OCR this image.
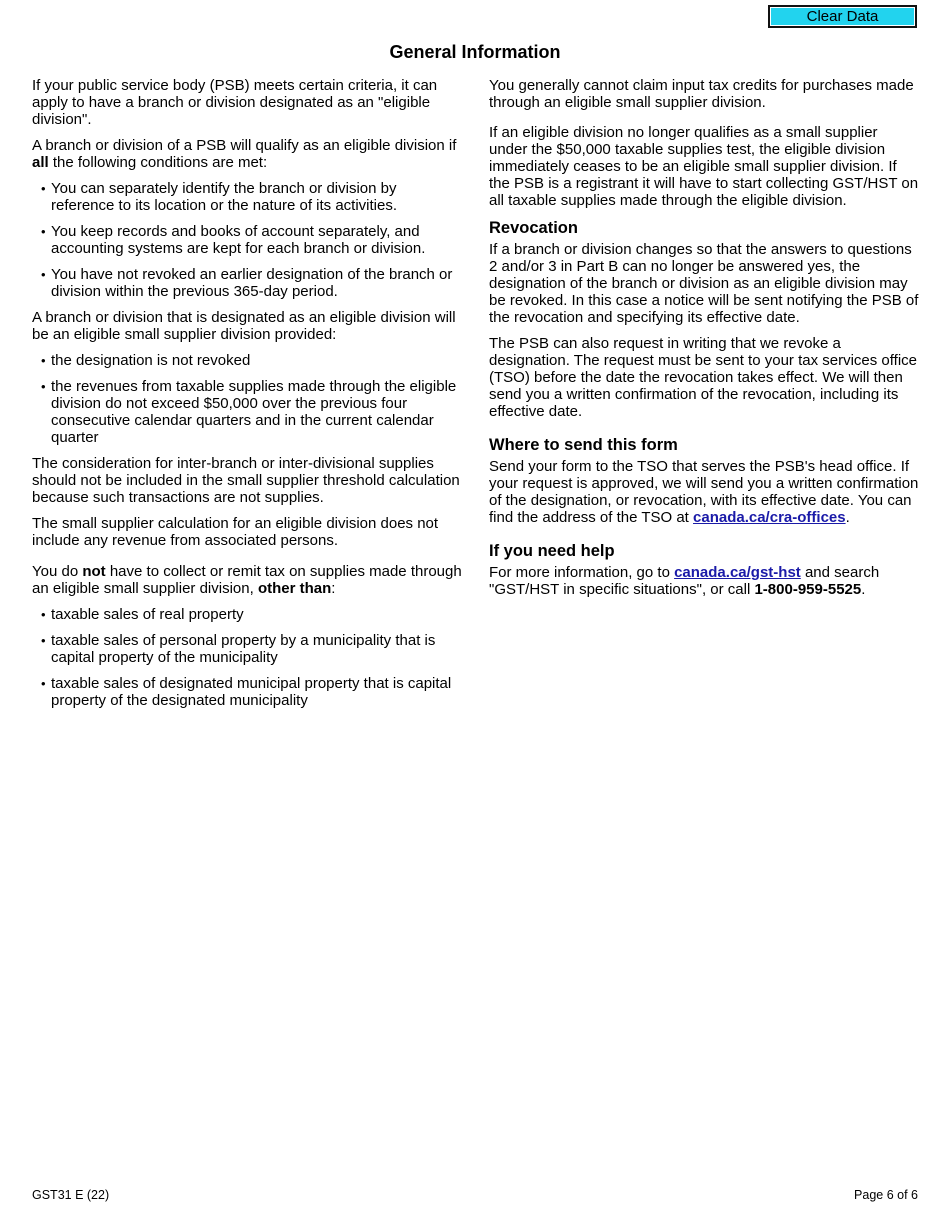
Clear Data
General Information

If your public service body (PSB) meets certain criteria, it can apply to have a branch or division designated as an "eligible division".

A branch or division of a PSB will qualify as an eligible division if all the following conditions are met:

• You can separately identify the branch or division by reference to its location or the nature of its activities.
• You keep records and books of account separately, and accounting systems are kept for each branch or division.
• You have not revoked an earlier designation of the branch or division within the previous 365-day period.

A branch or division that is designated as an eligible division will be an eligible small supplier division provided:

• the designation is not revoked
• the revenues from taxable supplies made through the eligible division do not exceed $50,000 over the previous four consecutive calendar quarters and in the current calendar quarter

The consideration for inter-branch or inter-divisional supplies should not be included in the small supplier threshold calculation because such transactions are not supplies.

The small supplier calculation for an eligible division does not include any revenue from associated persons.

You do not have to collect or remit tax on supplies made through an eligible small supplier division, other than:

• taxable sales of real property
• taxable sales of personal property by a municipality that is capital property of the municipality
• taxable sales of designated municipal property that is capital property of the designated municipality

You generally cannot claim input tax credits for purchases made through an eligible small supplier division.

If an eligible division no longer qualifies as a small supplier under the $50,000 taxable supplies test, the eligible division immediately ceases to be an eligible small supplier division. If the PSB is a registrant it will have to start collecting GST/HST on all taxable supplies made through the eligible division.

Revocation

If a branch or division changes so that the answers to questions 2 and/or 3 in Part B can no longer be answered yes, the designation of the branch or division as an eligible division may be revoked. In this case a notice will be sent notifying the PSB of the revocation and specifying its effective date.

The PSB can also request in writing that we revoke a designation. The request must be sent to your tax services office (TSO) before the date the revocation takes effect. We will then send you a written confirmation of the revocation, including its effective date.

Where to send this form

Send your form to the TSO that serves the PSB's head office. If your request is approved, we will send you a written confirmation of the designation, or revocation, with its effective date. You can find the address of the TSO at canada.ca/cra-offices.

If you need help

For more information, go to canada.ca/gst-hst and search "GST/HST in specific situations", or call 1-800-959-5525.

GST31 E (22)	Page 6 of 6
